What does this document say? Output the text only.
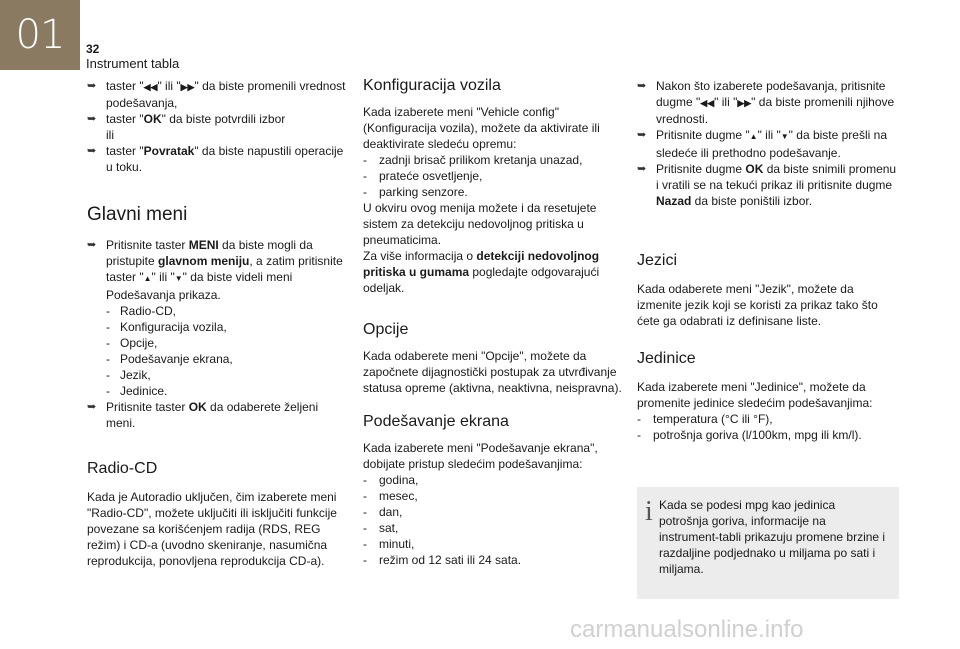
01 32
Instrument tabla
➥ taster "◀◀" ili "▶▶" da biste promenili vrednost podešavanja,
➥ taster "OK" da biste potvrdili izbor
ili
➥ taster "Povratak" da biste napustili operacije u toku.
Glavni meni
➥ Pritisnite taster MENI da biste mogli da pristupite glavnom meniju, a zatim pritisnite taster "▲" ili "▼" da biste videli meni Podešavanja prikaza.
- Radio-CD,
- Konfiguracija vozila,
- Opcije,
- Podešavanje ekrana,
- Jezik,
- Jedinice.
➥ Pritisnite taster OK da odaberete željeni meni.
Radio-CD

Kada je Autoradio uključen, čim izaberete meni "Radio-CD", možete uključiti ili isključiti funkcije povezane sa korišćenjem radija (RDS, REG režim) i CD-a (uvodno skeniranje, nasumična reprodukcija, ponovljena reprodukcija CD-a).

Konfiguracija vozila

Kada izaberete meni "Vehicle config" (Konfiguracija vozila), možete da aktivirate ili deaktivirate sledeću opremu:

- zadnji brisač prilikom kretanja unazad,
- prateće osvetljenje,
- parking senzore.

U okviru ovog menija možete i da resetujete sistem za detekciju nedovoljnog pritiska u pneumaticima.

Za više informacija o detekciji nedovoljnog pritiska u gumama pogledajte odgovarajući odeljak.

Opcije

Kada odaberete meni "Opcije", možete da započnete dijagnostički postupak za utvrđivanje statusa opreme (aktivna, neaktivna, neispravna).

Podešavanje ekrana

Kada izaberete meni "Podešavanje ekrana", dobijate pristup sledećim podešavanjima:

- godina,
- mesec,
- dan,
- sat,
- minuti,
- režim od 12 sati ili 24 sata.
➥ Nakon što izaberete podešavanja, pritisnite dugme "◀◀" ili "▶▶" da biste promenili njihove vrednosti.
➥ Pritisnite dugme "▲" ili "▼" da biste prešli na sledeće ili prethodno podešavanje.
➥ Pritisnite dugme OK da biste snimili promenu i vratili se na tekući prikaz ili pritisnite dugme Nazad da biste poništili izbor.
Jezici

Kada odaberete meni "Jezik", možete da izmenite jezik koji se koristi za prikaz tako što ćete ga odabrati iz definisane liste.

Jedinice

Kada izaberete meni "Jedinice", možete da promenite jedinice sledećim podešavanjima:

- temperatura (°C ili °F),
- potrošnja goriva (l/100km, mpg ili km/l).
i Kada se podesi mpg kao jedinica potrošnja goriva, informacije na instrument-tabli prikazuju promene brzine i razdaljine podjednako u miljama po sati i miljama.
carmanualsonline.info
